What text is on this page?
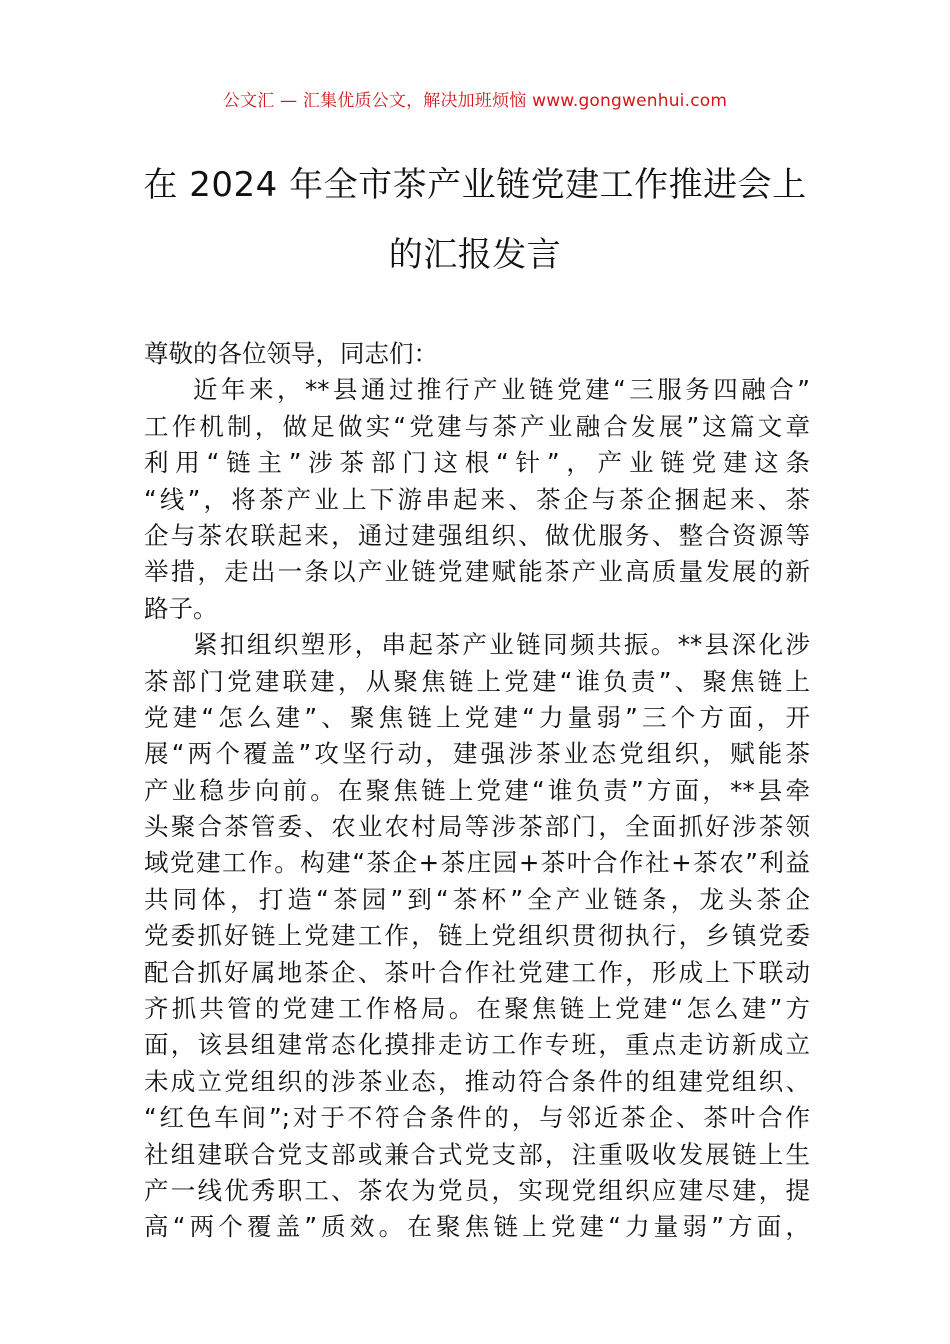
公文汇 — 汇集优质公文，解决加班烦恼 www.gongwenhui.com
在 2024 年全市茶产业链党建工作推进会上
的汇报发言
尊敬的各位领导，同志们：
近年来，**县通过推行产业链党建“三服务四融合”
工作机制，做足做实“党建与茶产业融合发展”这篇文章
利用“链主”涉茶部门这根“针”，产业链党建这条
“线”，将茶产业上下游串起来、茶企与茶企捆起来、茶
企与茶农联起来，通过建强组织、做优服务、整合资源等
举措，走出一条以产业链党建赋能茶产业高质量发展的新
路子。
紧扣组织塑形，串起茶产业链同频共振。**县深化涉
茶部门党建联建，从聚焦链上党建“谁负责”、聚焦链上
党建“怎么建”、聚焦链上党建“力量弱”三个方面，开
展“两个覆盖”攻坚行动，建强涉茶业态党组织，赋能茶
产业稳步向前。在聚焦链上党建“谁负责”方面，**县牵
头聚合茶管委、农业农村局等涉茶部门，全面抓好涉茶领
域党建工作。构建“茶企+茶庄园+茶叶合作社+茶农”利益
共同体，打造“茶园”到“茶杯”全产业链条，龙头茶企
党委抓好链上党建工作，链上党组织贯彻执行，乡镇党委
配合抓好属地茶企、茶叶合作社党建工作，形成上下联动
齐抓共管的党建工作格局。在聚焦链上党建“怎么建”方
面，该县组建常态化摸排走访工作专班，重点走访新成立
未成立党组织的涉茶业态，推动符合条件的组建党组织、
“红色车间”;对于不符合条件的，与邻近茶企、茶叶合作
社组建联合党支部或兼合式党支部，注重吸收发展链上生
产一线优秀职工、茶农为党员，实现党组织应建尽建，提
高“两个覆盖”质效。在聚焦链上党建“力量弱”方面，
